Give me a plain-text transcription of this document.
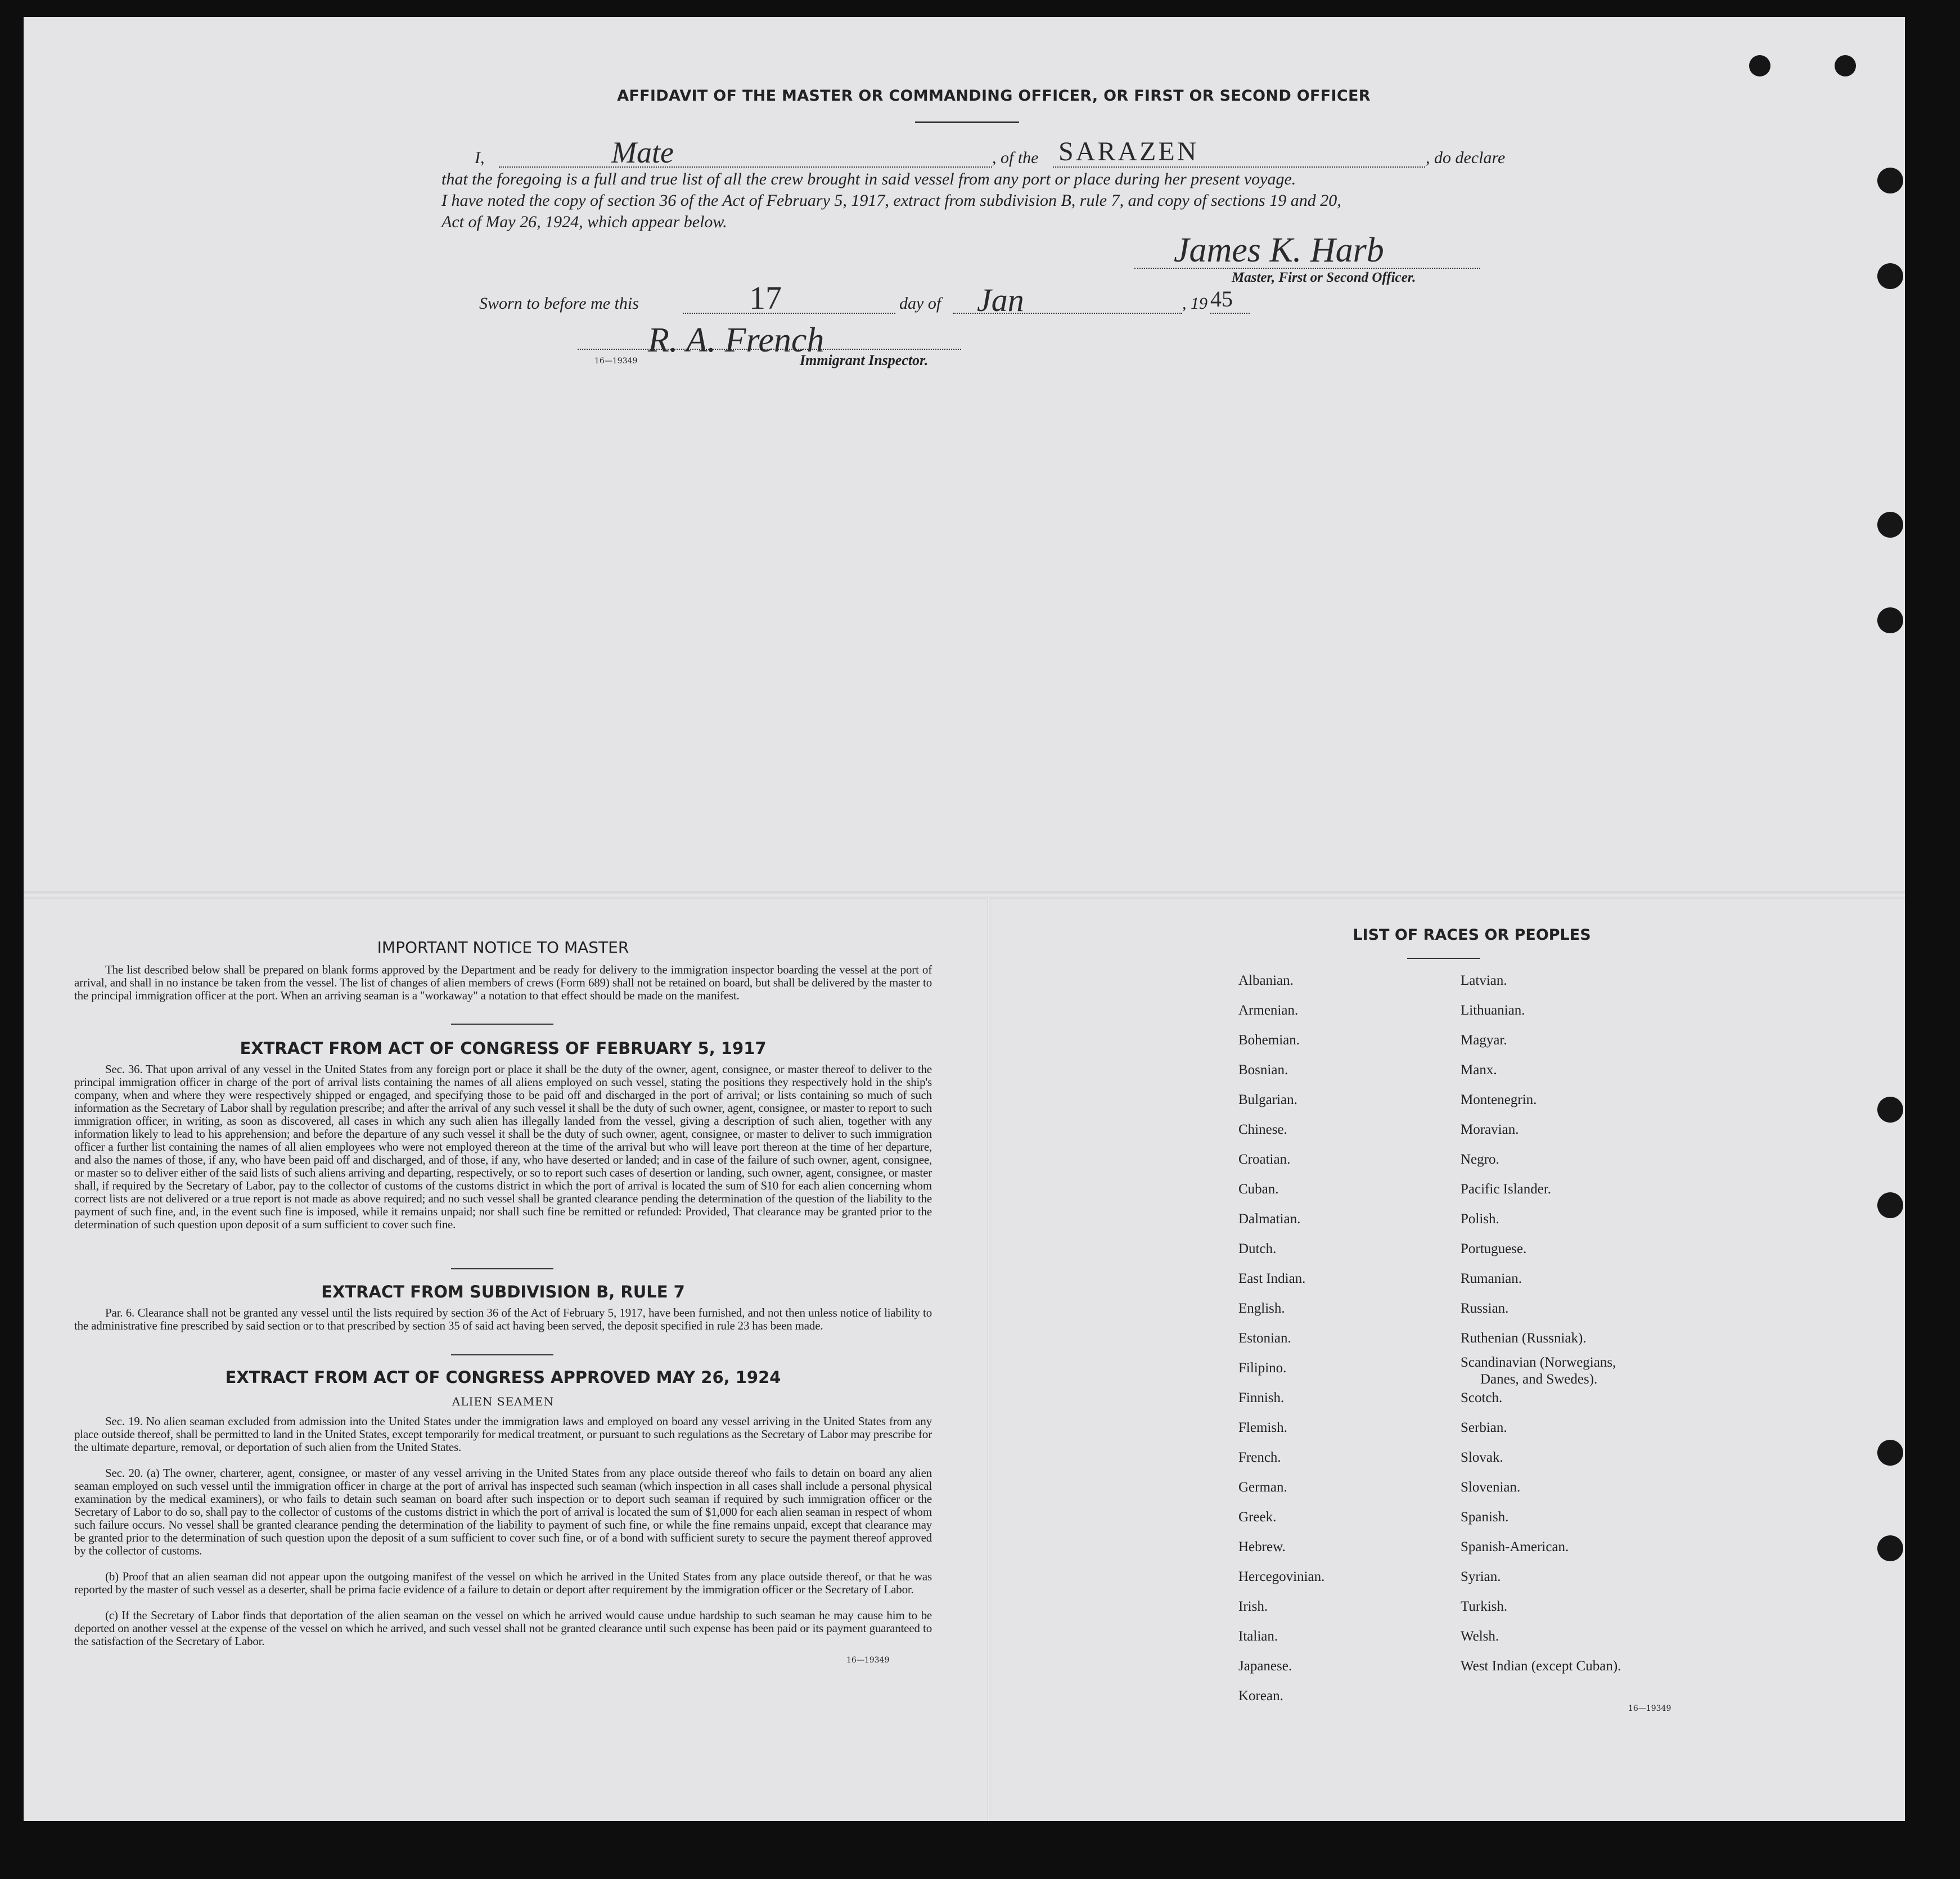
AFFIDAVIT OF THE MASTER OR COMMANDING OFFICER, OR FIRST OR SECOND OFFICER
I,	Mate	, of the SARAZEN	, do declare
that the foregoing is a full and true list of all the crew brought in said vessel from any port or place during her present voyage.
I have noted the copy of section 36 of the Act of February 5, 1917, extract from subdivision B, rule 7, and copy of sections 19 and 20,
Act of May 26, 1924, which appear below.
James K. Harb
Master, First or Second Officer.
Sworn to before me this	17	day of Jan	, 19 45
R. A. French
16—19349	Immigrant Inspector.
IMPORTANT NOTICE TO MASTER
The list described below shall be prepared on blank forms approved by the Department and be ready for delivery to the immigration inspector boarding the vessel at the port of arrival, and shall in no instance be taken from the vessel. The list of changes of alien members of crews (Form 689) shall not be retained on board, but shall be delivered by the master to the principal immigration officer at the port. When an arriving seaman is a "workaway" a notation to that effect should be made on the manifest.
EXTRACT FROM ACT OF CONGRESS OF FEBRUARY 5, 1917
Sec. 36. That upon arrival of any vessel in the United States from any foreign port or place it shall be the duty of the owner, agent, consignee, or master thereof to deliver to the principal immigration officer in charge of the port of arrival lists containing the names of all aliens employed on such vessel, stating the positions they respectively hold in the ship's company, when and where they were respectively shipped or engaged, and specifying those to be paid off and discharged in the port of arrival; or lists containing so much of such information as the Secretary of Labor shall by regulation prescribe; and after the arrival of any such vessel it shall be the duty of such owner, agent, consignee, or master to report to such immigration officer, in writing, as soon as discovered, all cases in which any such alien has illegally landed from the vessel, giving a description of such alien, together with any information likely to lead to his apprehension; and before the departure of any such vessel it shall be the duty of such owner, agent, consignee, or master to deliver to such immigration officer a further list containing the names of all alien employees who were not employed thereon at the time of the arrival but who will leave port thereon at the time of her departure, and also the names of those, if any, who have been paid off and discharged, and of those, if any, who have deserted or landed; and in case of the failure of such owner, agent, consignee, or master so to deliver either of the said lists of such aliens arriving and departing, respectively, or so to report such cases of desertion or landing, such owner, agent, consignee, or master shall, if required by the Secretary of Labor, pay to the collector of customs of the customs district in which the port of arrival is located the sum of $10 for each alien concerning whom correct lists are not delivered or a true report is not made as above required; and no such vessel shall be granted clearance pending the determination of the question of the liability to the payment of such fine, and, in the event such fine is imposed, while it remains unpaid; nor shall such fine be remitted or refunded: Provided, That clearance may be granted prior to the determination of such question upon deposit of a sum sufficient to cover such fine.
EXTRACT FROM SUBDIVISION B, RULE 7
Par. 6. Clearance shall not be granted any vessel until the lists required by section 36 of the Act of February 5, 1917, have been furnished, and not then unless notice of liability to the administrative fine prescribed by said section or to that prescribed by section 35 of said act having been served, the deposit specified in rule 23 has been made.
EXTRACT FROM ACT OF CONGRESS APPROVED MAY 26, 1924
ALIEN SEAMEN
Sec. 19. No alien seaman excluded from admission into the United States under the immigration laws and employed on board any vessel arriving in the United States from any place outside thereof, shall be permitted to land in the United States, except temporarily for medical treatment, or pursuant to such regulations as the Secretary of Labor may prescribe for the ultimate departure, removal, or deportation of such alien from the United States.
Sec. 20. (a) The owner, charterer, agent, consignee, or master of any vessel arriving in the United States from any place outside thereof who fails to detain on board any alien seaman employed on such vessel until the immigration officer in charge at the port of arrival has inspected such seaman (which inspection in all cases shall include a personal physical examination by the medical examiners), or who fails to detain such seaman on board after such inspection or to deport such seaman if required by such immigration officer or the Secretary of Labor to do so, shall pay to the collector of customs of the customs district in which the port of arrival is located the sum of $1,000 for each alien seaman in respect of whom such failure occurs. No vessel shall be granted clearance pending the determination of the liability to payment of such fine, or while the fine remains unpaid, except that clearance may be granted prior to the determination of such question upon the deposit of a sum sufficient to cover such fine, or of a bond with sufficient surety to secure the payment thereof approved by the collector of customs.
(b) Proof that an alien seaman did not appear upon the outgoing manifest of the vessel on which he arrived in the United States from any place outside thereof, or that he was reported by the master of such vessel as a deserter, shall be prima facie evidence of a failure to detain or deport after requirement by the immigration officer or the Secretary of Labor.
(c) If the Secretary of Labor finds that deportation of the alien seaman on the vessel on which he arrived would cause undue hardship to such seaman he may cause him to be deported on another vessel at the expense of the vessel on which he arrived, and such vessel shall not be granted clearance until such expense has been paid or its payment guaranteed to the satisfaction of the Secretary of Labor.
16—19349
LIST OF RACES OR PEOPLES
16—19349
Albanian.
Armenian.
Bohemian.
Bosnian.
Bulgarian.
Chinese.
Croatian.
Cuban.
Dalmatian.
Dutch.
East Indian.
English.
Estonian.
Filipino.
Finnish.
Flemish.
French.
German.
Greek.
Hebrew.
Hercegovinian.
Irish.
Italian.
Japanese.
Korean.
Latvian.
Lithuanian.
Magyar.
Manx.
Montenegrin.
Moravian.
Negro.
Pacific Islander.
Polish.
Portuguese.
Rumanian.
Russian.
Ruthenian (Russniak).
Scandinavian (Norwegians,
Danes, and Swedes).
Scotch.
Serbian.
Slovak.
Slovenian.
Spanish.
Spanish-American.
Syrian.
Turkish.
Welsh.
West Indian (except Cuban).
